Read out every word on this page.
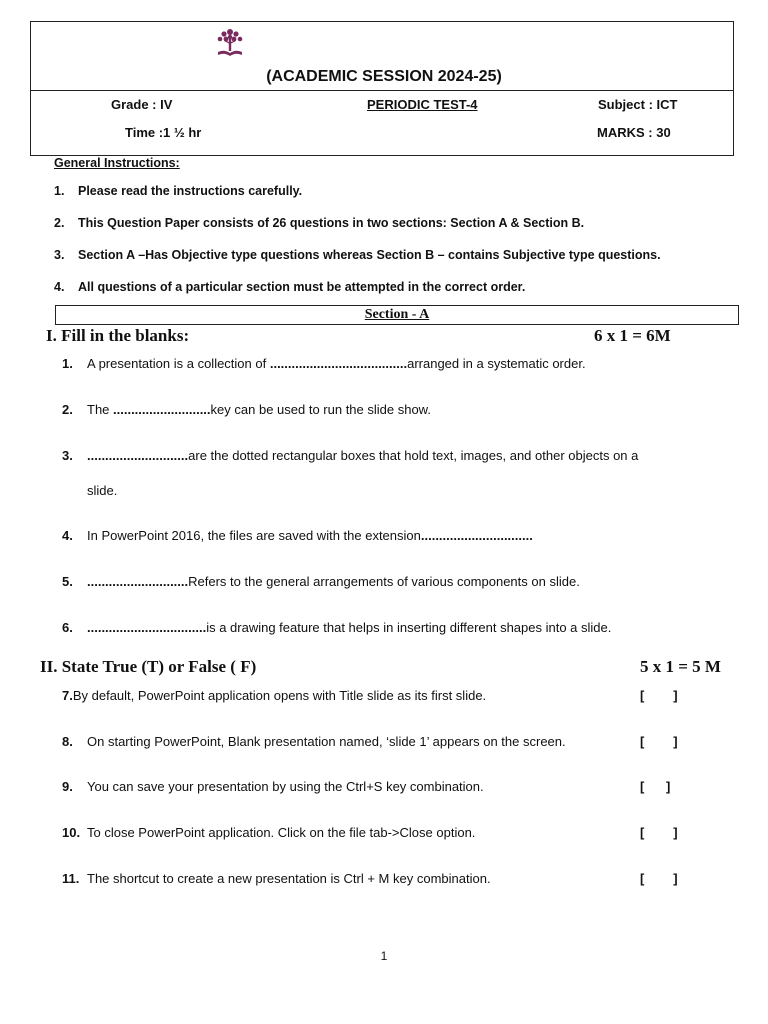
(ACADEMIC SESSION 2024-25)
Grade : IV	PERIODIC TEST-4	Subject : ICT
Time :1 ½ hr	MARKS : 30
General Instructions:
1. Please read the instructions carefully.
2. This Question Paper consists of 26 questions in two sections: Section A & Section B.
3. Section A –Has Objective type questions whereas Section B – contains Subjective type questions.
4. All questions of a particular section must be attempted in the correct order.
Section - A
I. Fill in the blanks:	6 x 1 = 6M
1. A presentation is a collection of ......................................arranged in a systematic order.
2. The ...........................key can be used to run the slide show.
3. ............................are the dotted rectangular boxes that hold text, images, and other objects on a
slide.
4. In PowerPoint 2016, the files are saved with the extension...............................
5. ............................Refers to the general arrangements of various components on slide.
6. .................................is a drawing feature that helps in inserting different shapes into a slide.
II. State True (T) or False ( F)	5 x 1 = 5 M
7.By default, PowerPoint application opens with Title slide as its first slide.	[        ]
8. On starting PowerPoint, Blank presentation named, ‘slide 1’ appears on the screen.	[        ]
9. You can save your presentation by using the Ctrl+S key combination.	[      ]
10. To close PowerPoint application. Click on the file tab->Close option.	[        ]
11. The shortcut to create a new presentation is Ctrl + M key combination.	[        ]
1
